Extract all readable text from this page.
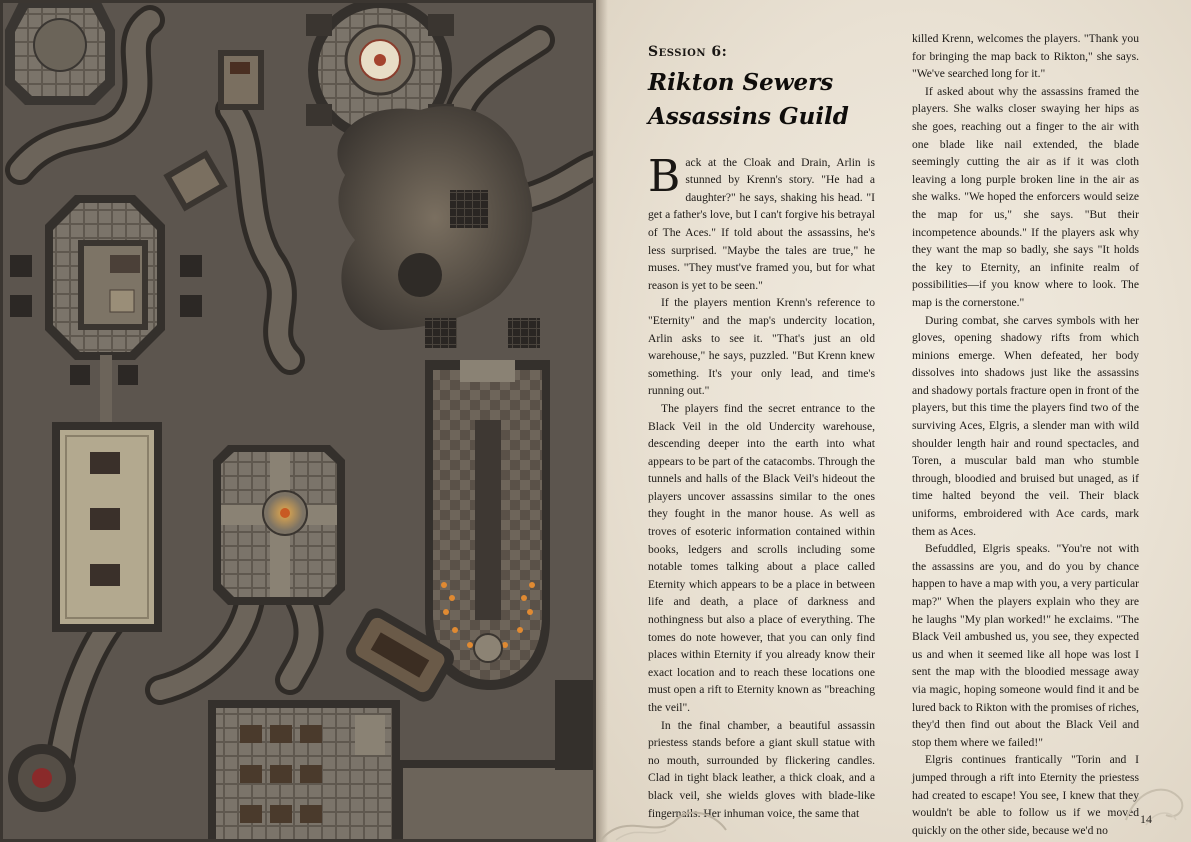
Session 6:
Rikton Sewers
Assassins Guild

Back at the Cloak and Drain, Arlin is stunned by Krenn's story. "He had a daughter?" he says, shaking his head. "I get a father's love, but I can't forgive his betrayal of The Aces." If told about the assassins, he's less surprised. "Maybe the tales are true," he muses. "They must've framed you, but for what reason is yet to be seen."

If the players mention Krenn's reference to "Eternity" and the map's undercity location, Arlin asks to see it. "That's just an old warehouse," he says, puzzled. "But Krenn knew something. It's your only lead, and time's running out."

The players find the secret entrance to the Black Veil in the old Undercity warehouse, descending deeper into the earth into what appears to be part of the catacombs. Through the tunnels and halls of the Black Veil's hideout the players uncover assassins similar to the ones they fought in the manor house. As well as troves of esoteric information contained within books, ledgers and scrolls including some notable tomes talking about a place called Eternity which appears to be a place in between life and death, a place of darkness and nothingness but also a place of everything. The tomes do note however, that you can only find places within Eternity if you already know their exact location and to reach these locations one must open a rift to Eternity known as "breaching the veil".

In the final chamber, a beautiful assassin priestess stands before a giant skull statue with no mouth, surrounded by flickering candles. Clad in tight black leather, a thick cloak, and a black veil, she wields gloves with blade-like fingernails. Her inhuman voice, the same that

killed Krenn, welcomes the players. "Thank you for bringing the map back to Rikton," she says. "We've searched long for it."

If asked about why the assassins framed the players. She walks closer swaying her hips as she goes, reaching out a finger to the air with one blade like nail extended, the blade seemingly cutting the air as if it was cloth leaving a long purple broken line in the air as she walks. "We hoped the enforcers would seize the map for us," she says. "But their incompetence abounds." If the players ask why they want the map so badly, she says "It holds the key to Eternity, an infinite realm of possibilities—if you know where to look. The map is the cornerstone."

During combat, she carves symbols with her gloves, opening shadowy rifts from which minions emerge. When defeated, her body dissolves into shadows just like the assassins and shadowy portals fracture open in front of the players, but this time the players find two of the surviving Aces, Elgris, a slender man with wild shoulder length hair and round spectacles, and Toren, a muscular bald man who stumble through, bloodied and bruised but unaged, as if time halted beyond the veil. Their black uniforms, embroidered with Ace cards, mark them as Aces.

Befuddled, Elgris speaks. "You're not with the assassins are you, and do you by chance happen to have a map with you, a very particular map?" When the players explain who they are he laughs "My plan worked!" he exclaims. "The Black Veil ambushed us, you see, they expected us and when it seemed like all hope was lost I sent the map with the bloodied message away via magic, hoping someone would find it and be lured back to Rikton with the promises of riches, they'd then find out about the Black Veil and stop them where we failed!"

Elgris continues frantically "Torin and I jumped through a rift into Eternity the priestess had created to escape! You see, I knew that they wouldn't be able to follow us if we moved quickly on the other side, because we'd no

14
